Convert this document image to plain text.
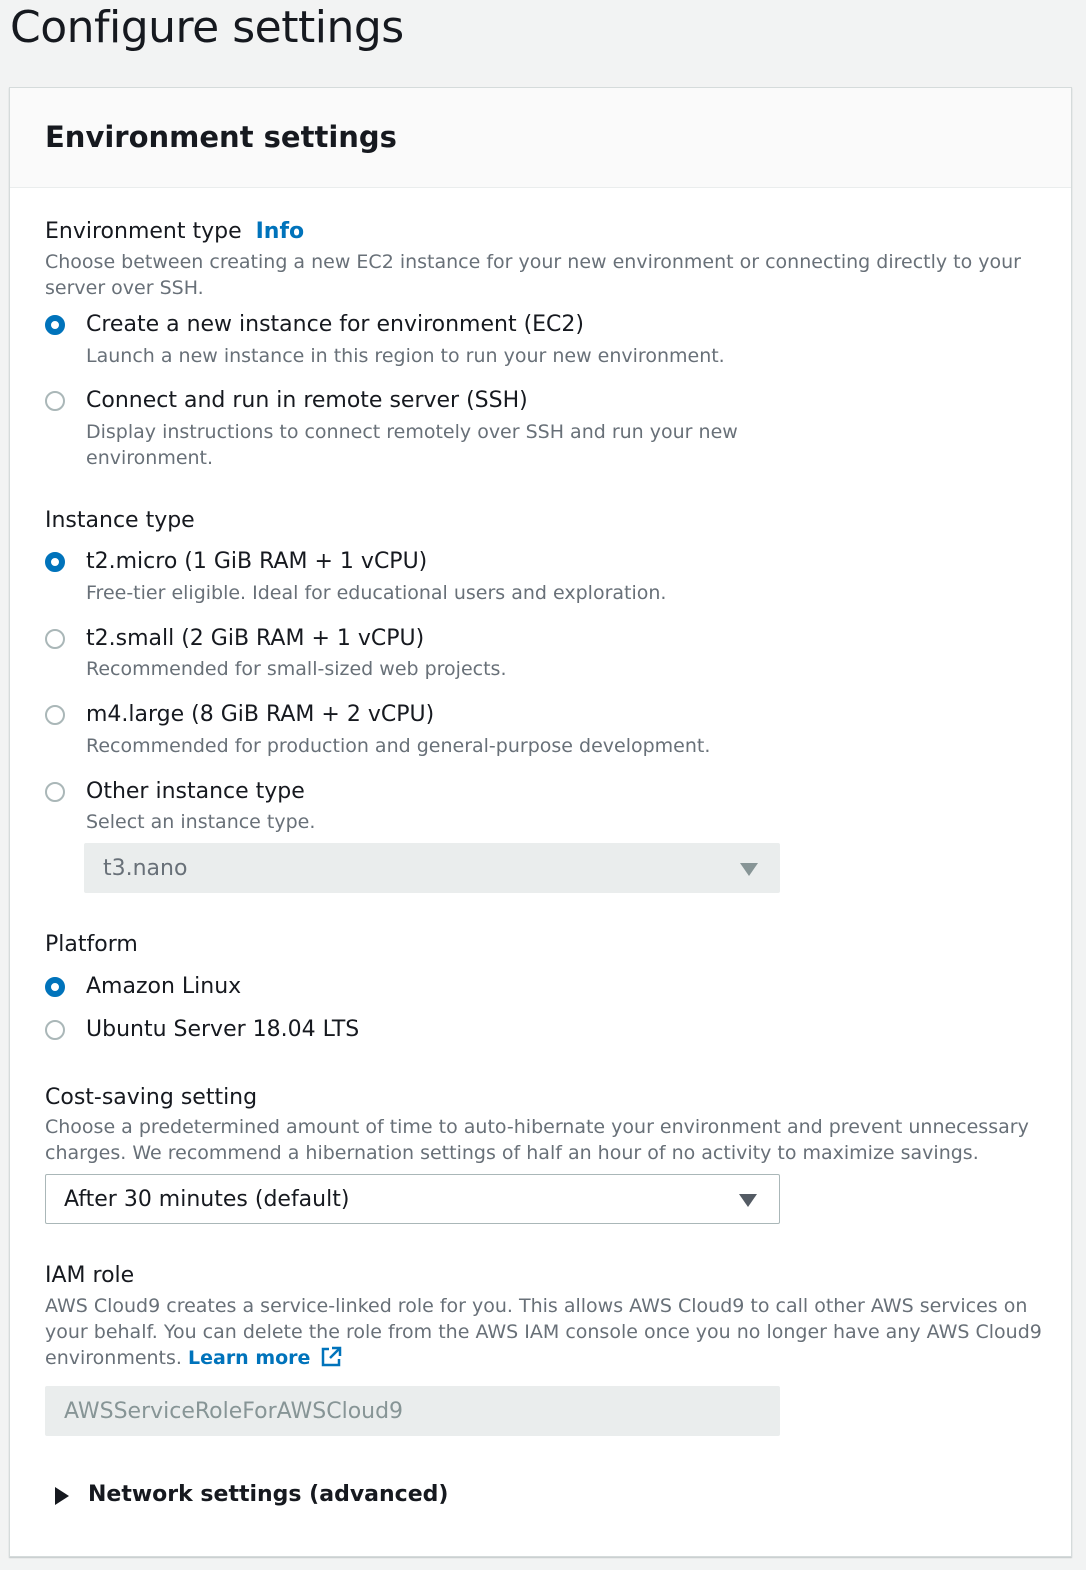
Configure settings
Environment settings
Environment type Info
Choose between creating a new EC2 instance for your new environment or connecting directly to your
server over SSH.
Create a new instance for environment (EC2)
Launch a new instance in this region to run your new environment.
Connect and run in remote server (SSH)
Display instructions to connect remotely over SSH and run your new
environment.
Instance type
t2.micro (1 GiB RAM + 1 vCPU)
Free-tier eligible. Ideal for educational users and exploration.
t2.small (2 GiB RAM + 1 vCPU)
Recommended for small-sized web projects.
m4.large (8 GiB RAM + 2 vCPU)
Recommended for production and general-purpose development.
Other instance type
Select an instance type.
t3.nano
Platform
Amazon Linux
Ubuntu Server 18.04 LTS
Cost-saving setting
Choose a predetermined amount of time to auto-hibernate your environment and prevent unnecessary
charges. We recommend a hibernation settings of half an hour of no activity to maximize savings.
After 30 minutes (default)
IAM role
AWS Cloud9 creates a service-linked role for you. This allows AWS Cloud9 to call other AWS services on
your behalf. You can delete the role from the AWS IAM console once you no longer have any AWS Cloud9
environments. Learn more
AWSServiceRoleForAWSCloud9
Network settings (advanced)
